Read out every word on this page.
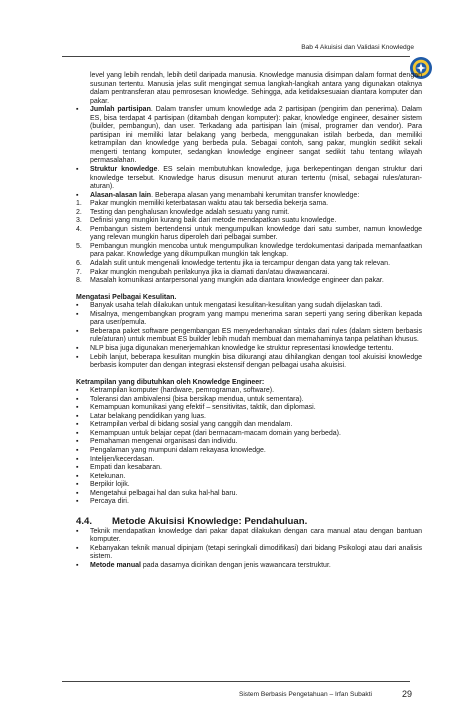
Bab 4 Akuisisi dan Validasi Knowledge

level yang lebih rendah, lebih detil daripada manusia. Knowledge manusia disimpan dalam format dengan susunan tertentu. Manusia jelas sulit mengingat semua langkah-langkah antara yang digunakan otaknya dalam pentransferan atau pemrosesan knowledge. Sehingga, ada ketidaksesuaian diantara komputer dan pakar.

▪ Jumlah partisipan. Dalam transfer umum knowledge ada 2 partisipan (pengirim dan penerima). Dalam ES, bisa terdapat 4 partisipan (ditambah dengan komputer): pakar, knowledge engineer, desainer sistem (builder, pembangun), dan user. Terkadang ada partisipan lain (misal, programer dan vendor). Para partisipan ini memiliki latar belakang yang berbeda, menggunakan istilah berbeda, dan memiliki ketrampilan dan knowledge yang berbeda pula. Sebagai contoh, sang pakar, mungkin sedikit sekali mengerti tentang komputer, sedangkan knowledge engineer sangat sedikit tahu tentang wilayah permasalahan.
▪ Struktur knowledge. ES selain membutuhkan knowledge, juga berkepentingan dengan struktur dari knowledge tersebut. Knowledge harus disusun menurut aturan tertentu (misal, sebagai rules/aturan-aturan).
▪ Alasan-alasan lain. Beberapa alasan yang menambahi kerumitan transfer knowledge:
1. Pakar mungkin memiliki keterbatasan waktu atau tak bersedia bekerja sama.
2. Testing dan penghalusan knowledge adalah sesuatu yang rumit.
3. Definisi yang mungkin kurang baik dari metode mendapatkan suatu knowledge.
4. Pembangun sistem bertendensi untuk mengumpulkan knowledge dari satu sumber, namun knowledge yang relevan mungkin harus diperoleh dari pelbagai sumber.
5. Pembangun mungkin mencoba untuk mengumpulkan knowledge terdokumentasi daripada memanfaatkan para pakar. Knowledge yang dikumpulkan mungkin tak lengkap.
6. Adalah sulit untuk mengenali knowledge tertentu jika ia tercampur dengan data yang tak relevan.
7. Pakar mungkin mengubah perilakunya jika ia diamati dan/atau diwawancarai.
8. Masalah komunikasi antarpersonal yang mungkin ada diantara knowledge engineer dan pakar.

Mengatasi Pelbagai Kesulitan.

▪ Banyak usaha telah dilakukan untuk mengatasi kesulitan-kesulitan yang sudah dijelaskan tadi.
▪ Misalnya, mengembangkan program yang mampu menerima saran seperti yang sering diberikan kepada para user/pemula.
▪ Beberapa paket software pengembangan ES menyederhanakan sintaks dari rules (dalam sistem berbasis rule/aturan) untuk membuat ES builder lebih mudah membuat dan memahaminya tanpa pelatihan khusus.
▪ NLP bisa juga digunakan menerjemahkan knowledge ke struktur representasi knowledge tertentu.
▪ Lebih lanjut, beberapa kesulitan mungkin bisa dikurangi atau dihilangkan dengan tool akuisisi knowledge berbasis komputer dan dengan integrasi ekstensif dengan pelbagai usaha akuisisi.

Ketrampilan yang dibutuhkan oleh Knowledge Engineer:

▪ Ketrampilan komputer (hardware, pemrograman, software).
▪ Toleransi dan ambivalensi (bisa bersikap mendua, untuk sementara).
▪ Kemampuan komunikasi yang efektif – sensitivitas, taktik, dan diplomasi.
▪ Latar belakang pendidikan yang luas.
▪ Ketrampilan verbal di bidang sosial yang canggih dan mendalam.
▪ Kemampuan untuk belajar cepat (dari bermacam-macam domain yang berbeda).
▪ Pemahaman mengenai organisasi dan individu.
▪ Pengalaman yang mumpuni dalam rekayasa knowledge.
▪ Intelijen/kecerdasan.
▪ Empati dan kesabaran.
▪ Ketekunan.
▪ Berpikir lojik.
▪ Mengetahui pelbagai hal dan suka hal-hal baru.
▪ Percaya diri.

4.4. Metode Akuisisi Knowledge: Pendahuluan.

▪ Teknik mendapatkan knowledge dari pakar dapat dilakukan dengan cara manual atau dengan bantuan komputer.
▪ Kebanyakan teknik manual dipinjam (tetapi seringkali dimodifikasi) dari bidang Psikologi atau dari analisis sistem.
▪ Metode manual pada dasarnya dicirikan dengan jenis wawancara terstruktur.
Sistem Berbasis Pengetahuan – Irfan Subakti	29
